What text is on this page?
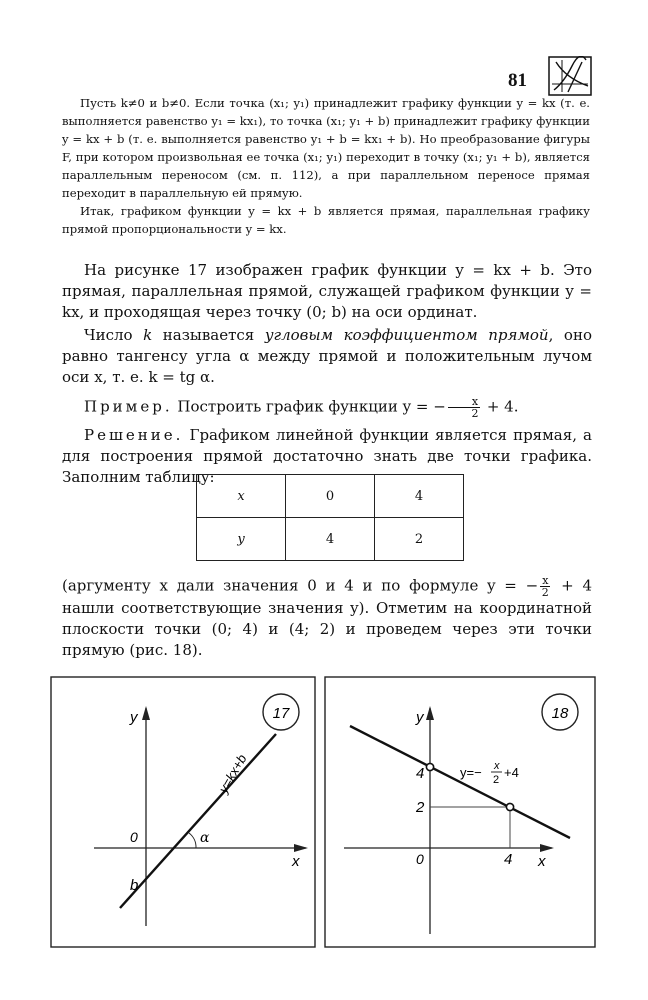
81

Пусть k≠0 и b≠0. Если точка (x₁; y₁) принадлежит графику функции y = kx (т. е. выполняется равенство y₁ = kx₁), то точка (x₁; y₁ + b) принадлежит графику функции y = kx + b (т. е. выполняется равенство y₁ + b = kx₁ + b). Но преобразование фигуры F, при котором произвольная ее точка (x₁; y₁) переходит в точку (x₁; y₁ + b), является параллельным переносом (см. п. 112), а при параллельном переносе прямая переходит в параллельную ей прямую.

Итак, графиком функции y = kx + b является прямая, параллельная графику прямой пропорциональности y = kx.

На рисунке 17 изображен график функции y = kx + b. Это прямая, параллельная прямой, служащей графиком функции y = kx, и проходящая через точку (0; b) на оси ординат.

Число k называется угловым коэффициентом прямой, оно равно тангенсу угла α между прямой и положительным лучом оси x, т. е. k = tg α.

Пример. Построить график функции y = − $\frac{x}{2} + 4$.

Решение. Графиком линейной функции является прямая, а для построения прямой достаточно знать две точки графика. Заполним таблицу:

x	0	4
y	4	2

(аргументу x дали значения 0 и 4 и по формуле y = − $\frac{x}{2} + 4$ нашли соответствующие значения y). Отметим на координатной плоскости точки (0; 4) и (4; 2) и проведем через эти точки прямую (рис. 18).

17
y
x
0
b
α
y=kx+b
18
y
x
0
4
2
4
y=− x
2 +4
